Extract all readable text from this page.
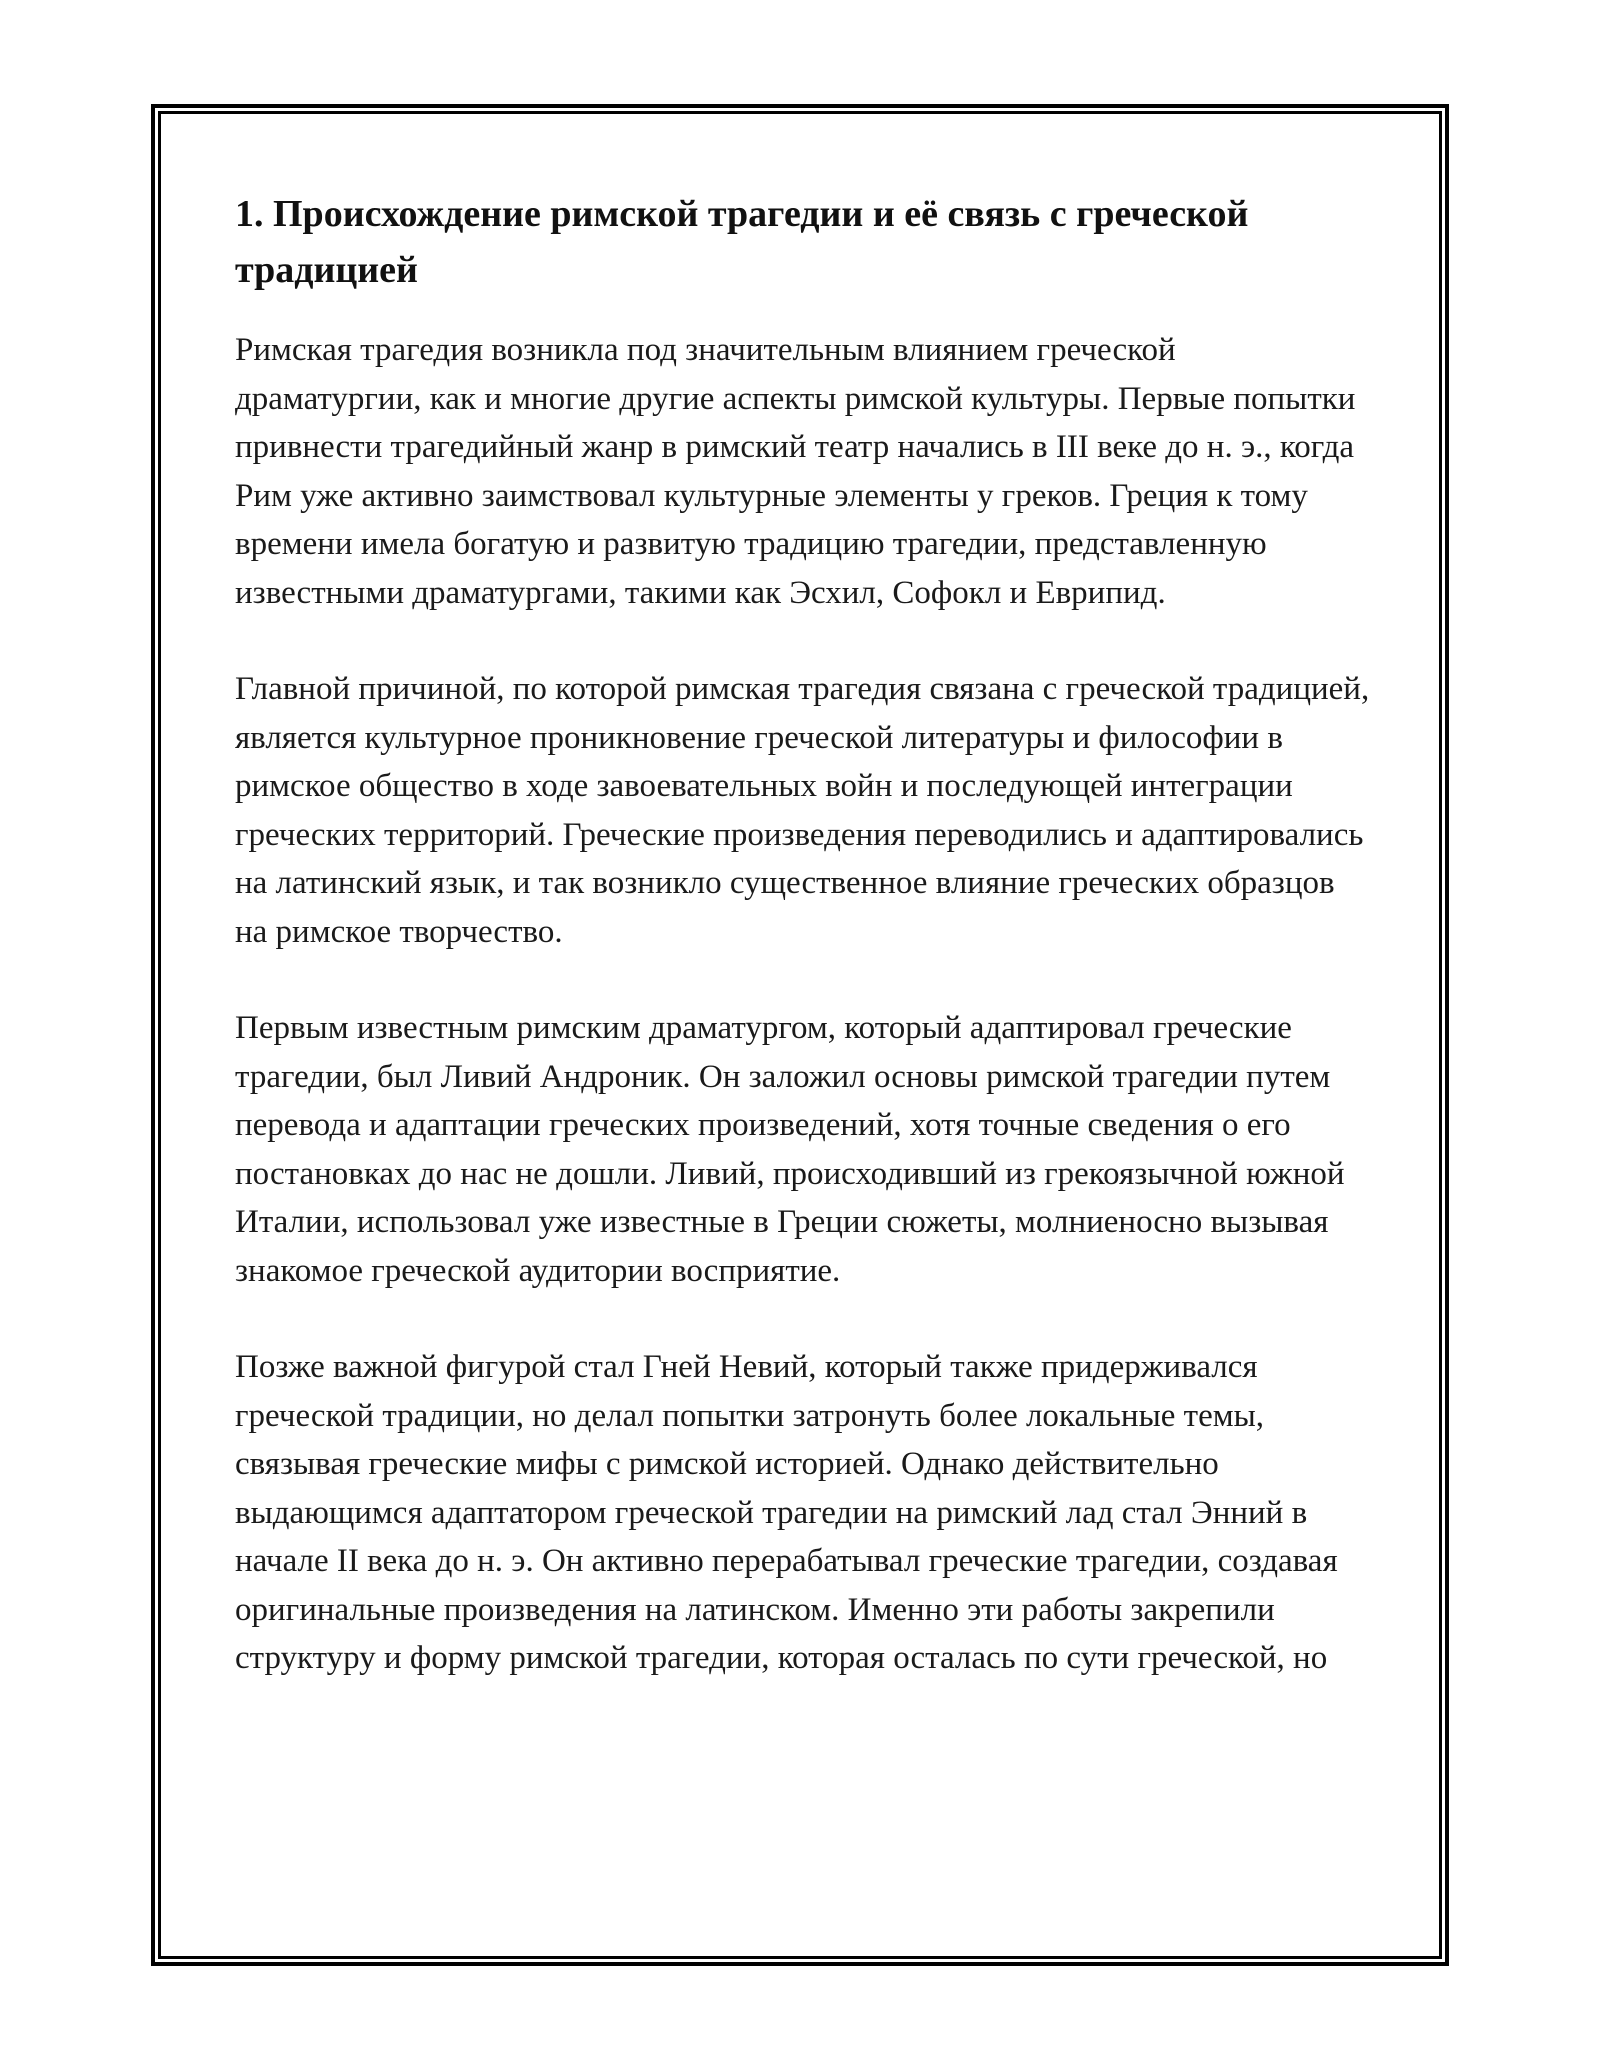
1. Происхождение римской трагедии и её связь с греческой традицией

Римская трагедия возникла под значительным влиянием греческой драматургии, как и многие другие аспекты римской культуры. Первые попытки привнести трагедийный жанр в римский театр начались в III веке до н. э., когда Рим уже активно заимствовал культурные элементы у греков. Греция к тому времени имела богатую и развитую традицию трагедии, представленную известными драматургами, такими как Эсхил, Софокл и Еврипид.

Главной причиной, по которой римская трагедия связана с греческой традицией, является культурное проникновение греческой литературы и философии в римское общество в ходе завоевательных войн и последующей интеграции греческих территорий. Греческие произведения переводились и адаптировались на латинский язык, и так возникло существенное влияние греческих образцов на римское творчество.

Первым известным римским драматургом, который адаптировал греческие трагедии, был Ливий Андроник. Он заложил основы римской трагедии путем перевода и адаптации греческих произведений, хотя точные сведения о его постановках до нас не дошли. Ливий, происходивший из грекоязычной южной Италии, использовал уже известные в Греции сюжеты, молниеносно вызывая знакомое греческой аудитории восприятие.

Позже важной фигурой стал Гней Невий, который также придерживался греческой традиции, но делал попытки затронуть более локальные темы, связывая греческие мифы с римской историей. Однако действительно выдающимся адаптатором греческой трагедии на римский лад стал Энний в начале II века до н. э. Он активно перерабатывал греческие трагедии, создавая оригинальные произведения на латинском. Именно эти работы закрепили структуру и форму римской трагедии, которая осталась по сути греческой, но
